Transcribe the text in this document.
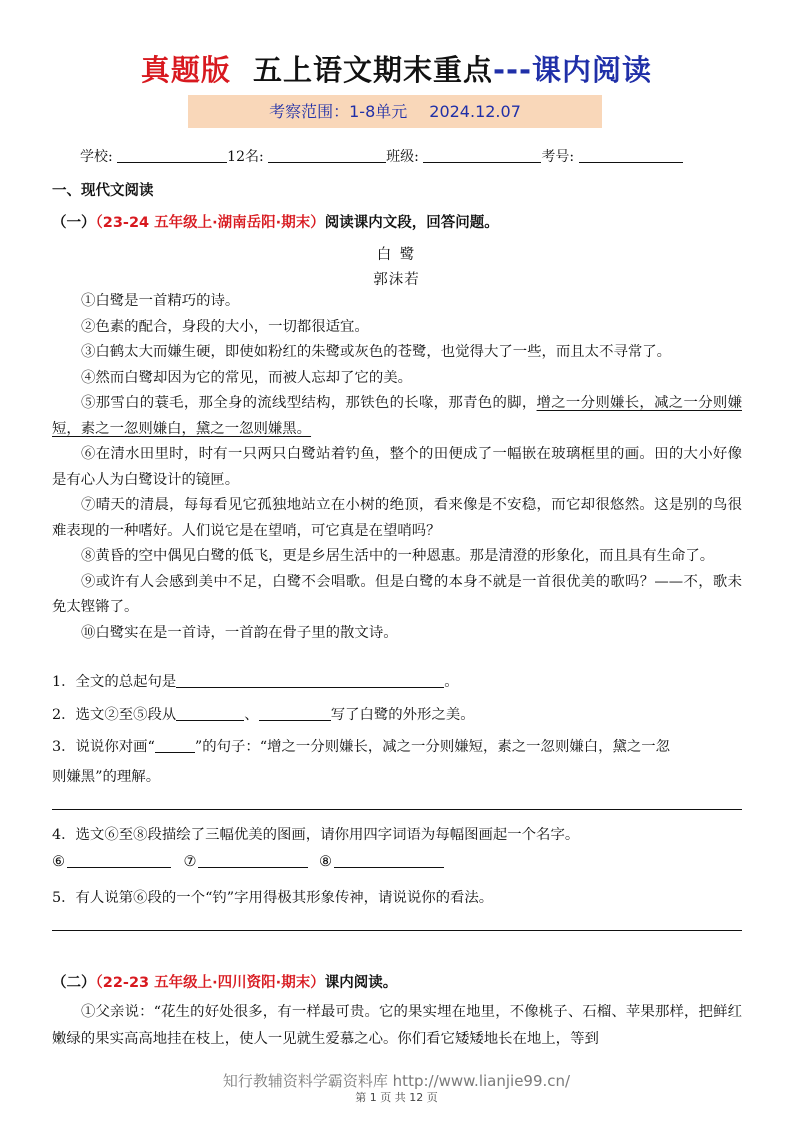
真题版 五上语文期末重点---课内阅读
考察范围：1-8单元 2024.12.07
学校:	12名:	班级:	考号:
一、现代文阅读
（一）（23-24 五年级上·湖南岳阳·期末）阅读课内文段，回答问题。
白 鹭
郭沫若

①白鹭是一首精巧的诗。

②色素的配合，身段的大小，一切都很适宜。

③白鹤太大而嫌生硬，即使如粉红的朱鹭或灰色的苍鹭，也觉得大了一些，而且太不寻常了。

④然而白鹭却因为它的常见，而被人忘却了它的美。

⑤那雪白的蓑毛，那全身的流线型结构，那铁色的长喙，那青色的脚，增之一分则嫌长，减之一分则嫌短，素之一忽则嫌白，黛之一忽则嫌黑。

⑥在清水田里时，时有一只两只白鹭站着钓鱼，整个的田便成了一幅嵌在玻璃框里的画。田的大小好像是有心人为白鹭设计的镜匣。

⑦晴天的清晨，每每看见它孤独地站立在小树的绝顶，看来像是不安稳，而它却很悠然。这是别的鸟很难表现的一种嗜好。人们说它是在望哨，可它真是在望哨吗？

⑧黄昏的空中偶见白鹭的低飞，更是乡居生活中的一种恩惠。那是清澄的形象化，而且具有生命了。

⑨或许有人会感到美中不足，白鹭不会唱歌。但是白鹭的本身不就是一首很优美的歌吗？——不，歌未免太铿锵了。

⑩白鹭实在是一首诗，一首韵在骨子里的散文诗。

1．全文的总起句是	。
2．选文②至⑤段从	、	写了白鹭的外形之美。
3．说说你对画“	”的句子：“增之一分则嫌长，减之一分则嫌短，素之一忽则嫌白，黛之一忽
则嫌黑”的理解。
4．选文⑥至⑧段描绘了三幅优美的图画，请你用四字词语为每幅图画起一个名字。
⑥	⑦	⑧
5．有人说第⑥段的一个“钓”字用得极其形象传神，请说说你的看法。
（二）（22-23 五年级上·四川资阳·期末）课内阅读。

①父亲说：“花生的好处很多，有一样最可贵。它的果实埋在地里，不像桃子、石榴、苹果那样，把鲜红嫩绿的果实高高地挂在枝上，使人一见就生爱慕之心。你们看它矮矮地长在地上，等到

知行教辅资料学霸资料库 http://www.lianjie99.cn/
第 1 页 共 12 页
